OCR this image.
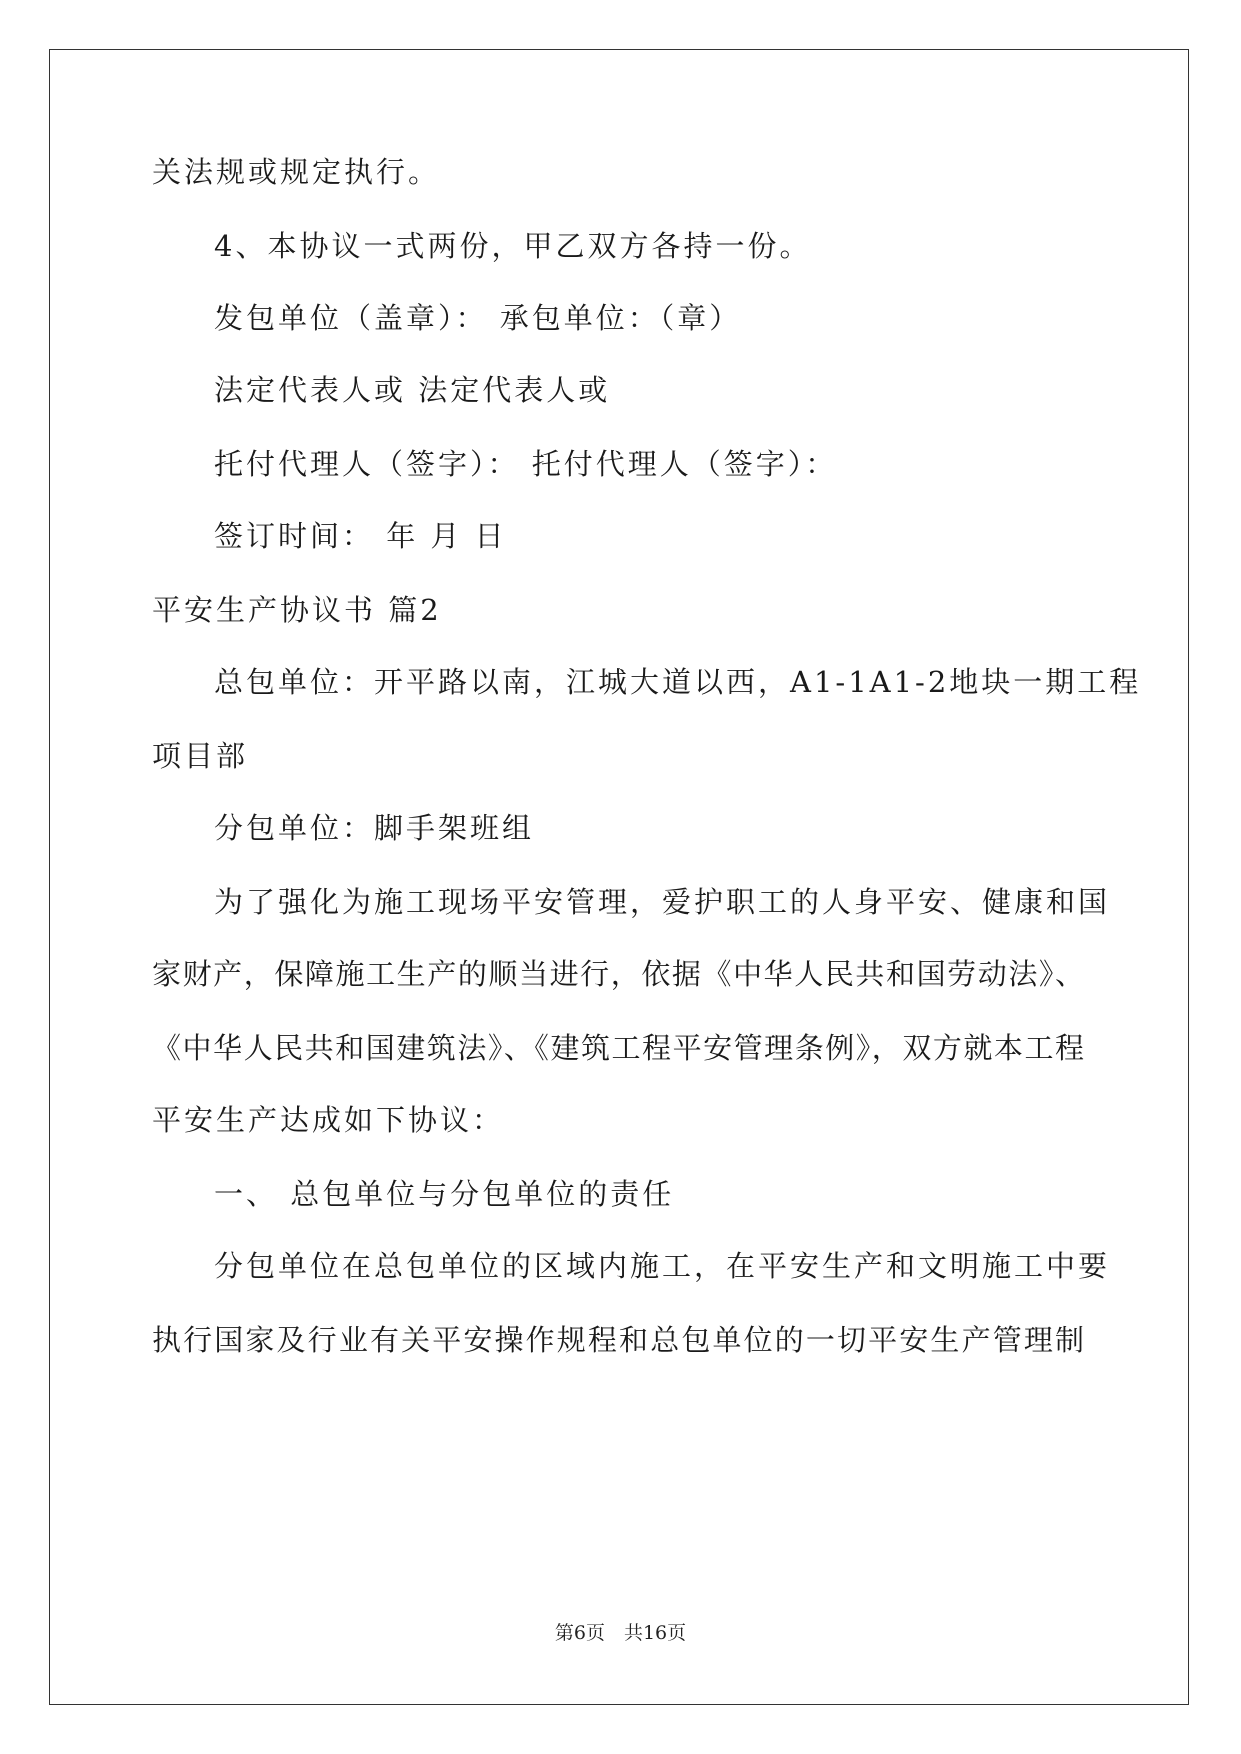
关法规或规定执行。
4、本协议一式两份，甲乙双方各持一份。
发包单位（盖章）： 承包单位：（章）
法定代表人或 法定代表人或
托付代理人（签字）： 托付代理人（签字）：
签订时间： 年 月 日
平安生产协议书 篇2
总包单位：开平路以南，江城大道以西，A1-1A1-2地块一期工程
项目部
分包单位：脚手架班组
为了强化为施工现场平安管理，爱护职工的人身平安、健康和国
家财产，保障施工生产的顺当进行，依据《中华人民共和国劳动法》、
《中华人民共和国建筑法》、《建筑工程平安管理条例》，双方就本工程
平安生产达成如下协议：
一、 总包单位与分包单位的责任
分包单位在总包单位的区域内施工，在平安生产和文明施工中要
执行国家及行业有关平安操作规程和总包单位的一切平安生产管理制
第6页　共16页
